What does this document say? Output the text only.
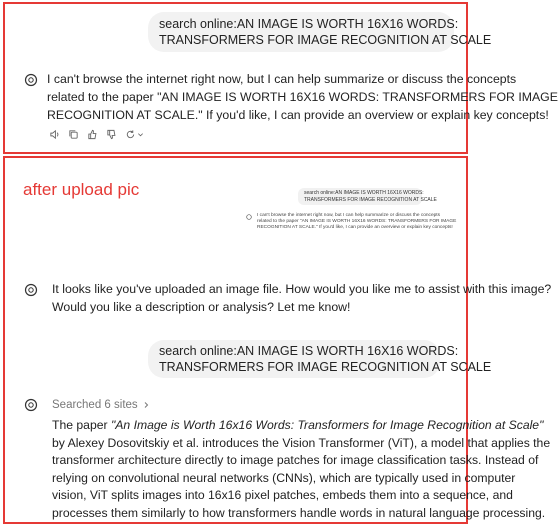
search online:AN IMAGE IS WORTH 16X16 WORDS:
TRANSFORMERS FOR IMAGE RECOGNITION AT SCALE
I can't browse the internet right now, but I can help summarize or discuss the concepts
related to the paper "AN IMAGE IS WORTH 16X16 WORDS: TRANSFORMERS FOR IMAGE
RECOGNITION AT SCALE." If you'd like, I can provide an overview or explain key concepts!
after upload pic	search online:AN IMAGE IS WORTH 16X16 WORDS:
TRANSFORMERS FOR IMAGE RECOGNITION AT SCALE
I can't browse the internet right now, but I can help summarize or discuss the concepts
related to the paper "AN IMAGE IS WORTH 16X16 WORDS: TRANSFORMERS FOR IMAGE
RECOGNITION AT SCALE." If you'd like, I can provide an overview or explain key concepts!
It looks like you've uploaded an image file. How would you like me to assist with this image?
Would you like a description or analysis? Let me know!
search online:AN IMAGE IS WORTH 16X16 WORDS:
TRANSFORMERS FOR IMAGE RECOGNITION AT SCALE
Searched 6 sites
The paper "An Image is Worth 16x16 Words: Transformers for Image Recognition at Scale"
by Alexey Dosovitskiy et al. introduces the Vision Transformer (ViT), a model that applies the
transformer architecture directly to image patches for image classification tasks. Instead of
relying on convolutional neural networks (CNNs), which are typically used in computer
vision, ViT splits images into 16x16 pixel patches, embeds them into a sequence, and
processes them similarly to how transformers handle words in natural language processing.
